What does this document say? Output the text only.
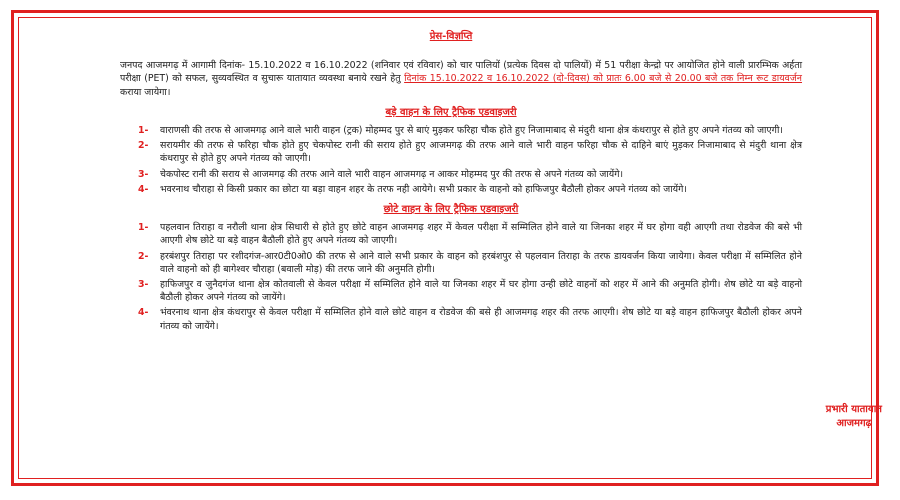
प्रेस-विज्ञप्ति
जनपद आजमगढ़ में आगामी दिनांक- 15.10.2022 व 16.10.2022 (शनिवार एवं रविवार) को चार पालियों (प्रत्येक दिवस दो पालियों) में 51 परीक्षा केन्द्रो पर आयोजित होने वाली प्रारम्भिक अर्हता परीक्षा (PET) को सफल, सुव्यवस्थित व सुचारू यातायात व्यवस्था बनाये रखने हेतु दिनांक 15.10.2022 व 16.10.2022 (दो-दिवस) को प्रातः 6.00 बजे से 20.00 बजे तक निम्न रूट डायवर्जन कराया जायेगा।
बड़े वाहन के लिए ट्रैफिक एडवाइजरी
1-	वाराणसी की तरफ से आजमगढ़ आने वाले भारी वाहन (ट्रक) मोहम्मद पुर से बाएं मुड़कर फरिहा चौक होते हुए निजामाबाद से मंदुरी थाना क्षेत्र कंधरापुर से होते हुए अपने गंतव्य को जाएगी।
2-	सरायमीर की तरफ से फरिहा चौक होते हुए चेकपोस्ट रानी की सराय होते हुए आजमगढ़ की तरफ आने वाले भारी वाहन फरिहा चौक से दाहिने बाएं मुड़कर निजामाबाद से मंदुरी थाना क्षेत्र कंधरापुर से होते हुए अपने गंतव्य को जाएगी।
3-	चेकपोस्ट रानी की सराय से आजमगढ़ की तरफ आने वाले भारी वाहन आजमगढ़ न आकर मोहम्मद पुर की तरफ से अपने गंतव्य को जायेंगे।
4-	भवरनाथ चौराहा से किसी प्रकार का छोटा या बड़ा वाहन शहर के तरफ नही आयेगे। सभी प्रकार के वाहनो को हाफिजपुर बैठौली होकर अपने गंतव्य को जायेंगे।
छोटे वाहन के लिए ट्रैफिक एडवाइजरी
1-	पहलवान तिराहा व नरौली थाना क्षेत्र सिधारी से होते हुए छोटे वाहन आजमगढ़ शहर में केवल परीक्षा में सम्मिलित होने वाले या जिनका शहर में घर होगा वही आएगी तथा रोडवेज की बसे भी आएगी शेष छोटे या बड़े वाहन बैठौली होते हुए अपने गंतव्य को जाएगी।
2-	हरबंशपुर तिराहा पर रशीदगंज-आर0टी0ओ0 की तरफ से आने वाले सभी प्रकार के वाहन को हरबंशपुर से पहलवान तिराहा के तरफ डायवर्जन किया जायेगा। केवल परीक्षा में सम्मिलित होने वाले वाहनो को ही बागेश्वर चौराहा (बवाली मोड़) की तरफ जाने की अनुमति होगी।
3-	हाफिजपुर व जुनैदगंज थाना क्षेत्र कोतवाली से केवल परीक्षा में सम्मिलित होने वाले या जिनका शहर में घर होगा उन्ही छोटे वाहनों को शहर में आने की अनुमति होगी। शेष छोटे या बड़े वाहनो बैठौली होकर अपने गंतव्य को जायेंगे।
4-	भंवरनाथ थाना क्षेत्र कंधरापुर से केवल परीक्षा में सम्मिलित होने वाले छोटे वाहन व रोडवेज की बसे ही आजमगढ़ शहर की तरफ आएगी। शेष छोटे या बड़े वाहन हाफिजपुर बैठौली होकर अपने गंतव्य को जायेंगे।
प्रभारी यातायात
आजमगढ़
